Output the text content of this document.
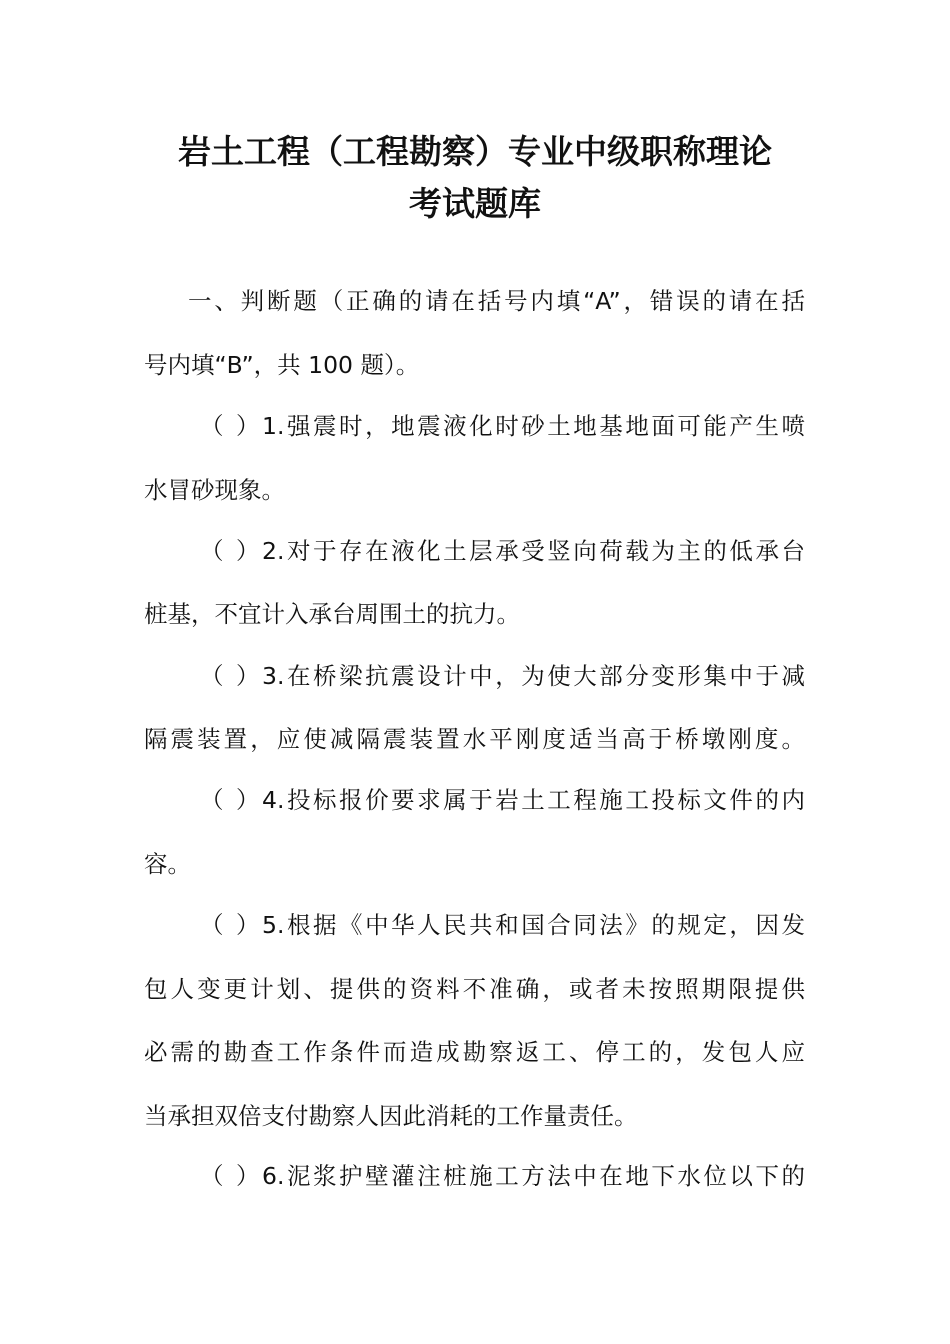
岩土工程（工程勘察）专业中级职称理论
考试题库
一、判断题（正确的请在括号内填“A”，错误的请在括
号内填“B”，共 100 题）。
（ ）1.强震时，地震液化时砂土地基地面可能产生喷
水冒砂现象。
（ ）2.对于存在液化土层承受竖向荷载为主的低承台
桩基，不宜计入承台周围土的抗力。
（ ）3.在桥梁抗震设计中，为使大部分变形集中于减
隔震装置，应使减隔震装置水平刚度适当高于桥墩刚度。
（ ）4.投标报价要求属于岩土工程施工投标文件的内
容。
（ ）5.根据《中华人民共和国合同法》的规定，因发
包人变更计划、提供的资料不准确，或者未按照期限提供
必需的勘查工作条件而造成勘察返工、停工的，发包人应
当承担双倍支付勘察人因此消耗的工作量责任。
（ ）6.泥浆护壁灌注桩施工方法中在地下水位以下的
